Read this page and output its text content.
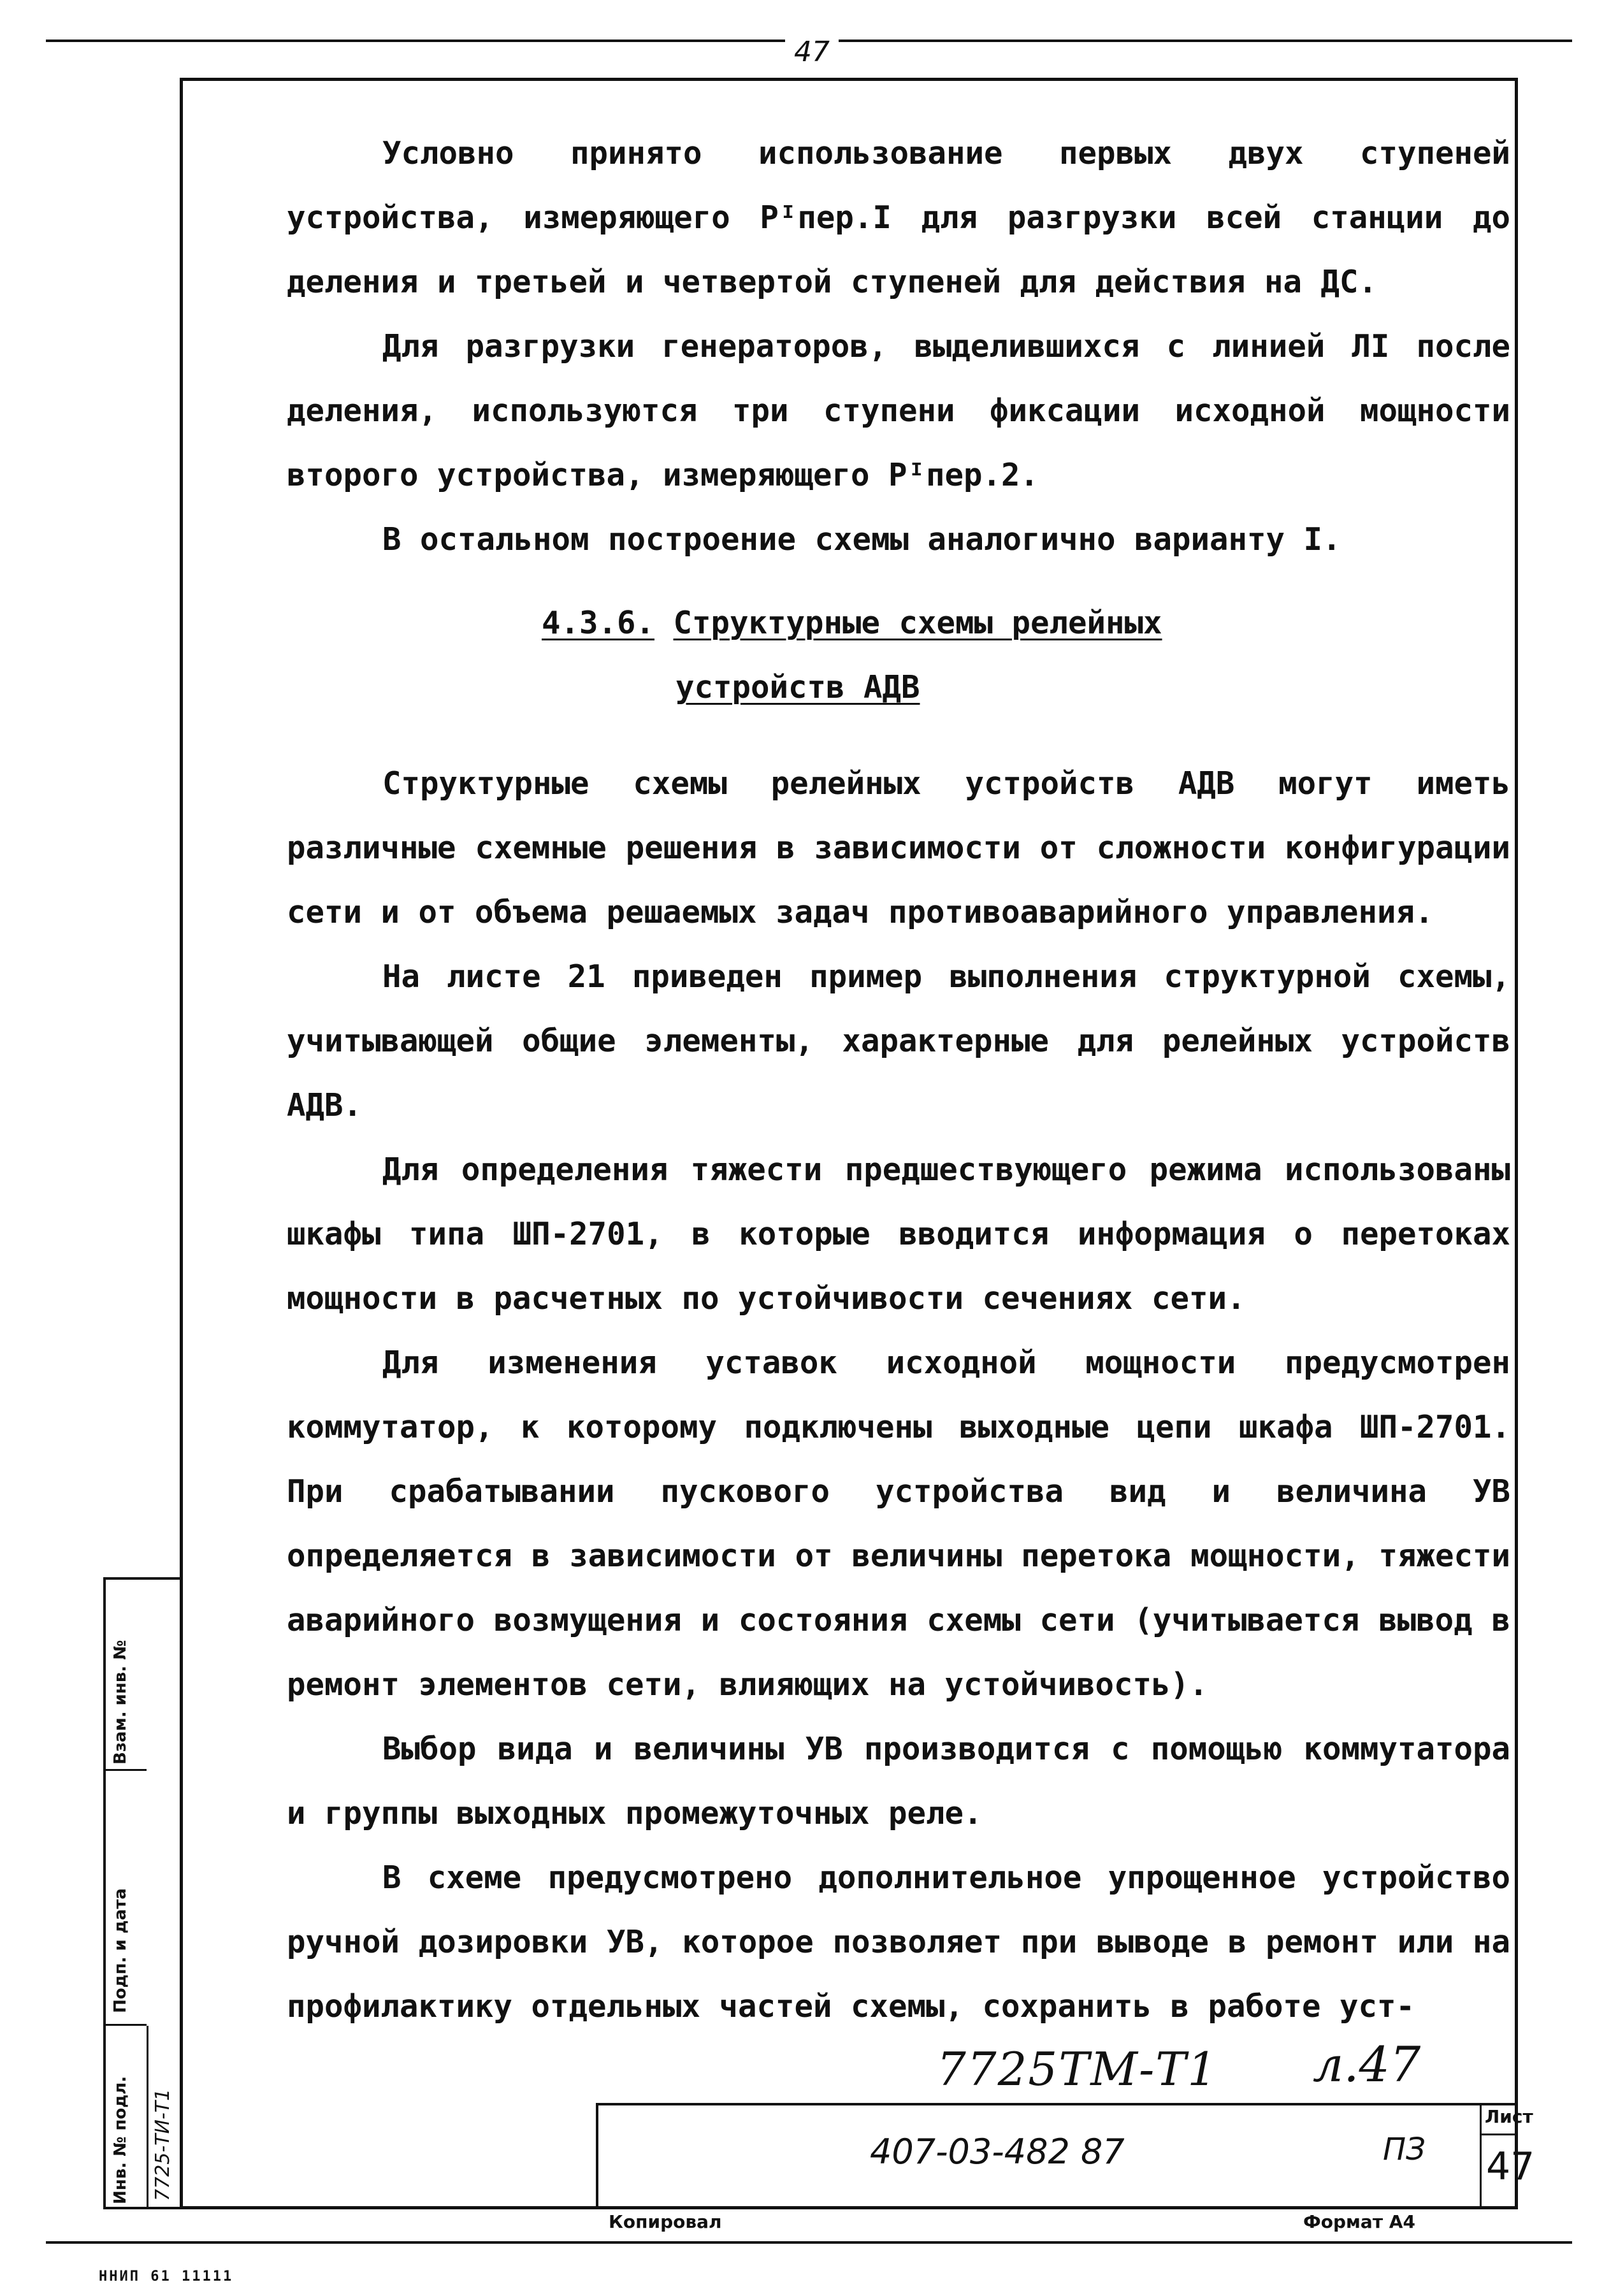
47

Условно принято использование первых двух ступеней устройства, измеряющего Pᴵпер.I для разгрузки всей станции до деления и третьей и четвертой ступеней для действия на ДС.

Для разгрузки генераторов, выделившихся с линией ЛI после деления, используются три ступени фиксации исходной мощности второго устройства, измеряющего Pᴵпер.2.

В остальном построение схемы аналогично варианту I.

4.3.6. Структурные схемы релейных

устройств АДВ

Структурные схемы релейных устройств АДВ могут иметь различные схемные решения в зависимости от сложности конфигурации сети и от объема решаемых задач противоаварийного управления.

На листе 21 приведен пример выполнения структурной схемы, учитывающей общие элементы, характерные для релейных устройств АДВ.

Для определения тяжести предшествующего режима использованы шкафы типа ШП-2701, в которые вводится информация о перетоках мощности в расчетных по устойчивости сечениях сети.

Для изменения уставок исходной мощности предусмотрен коммутатор, к которому подключены выходные цепи шкафа ШП-2701. При срабатывании пускового устройства вид и величина УВ определяется в зависимости от величины перетока мощности, тяжести аварийного возмущения и состояния схемы сети (учитывается вывод в ремонт элементов сети, влияющих на устойчивость).

Выбор вида и величины УВ производится с помощью коммутатора и группы выходных промежуточных реле.

В схеме предусмотрено дополнительное упрощенное устройство ручной дозировки УВ, которое позволяет при выводе в ремонт или на профилактику отдельных частей схемы, сохранить в работе уст-

Взам. инв. №
Подп. и дата
Инв. № подл. 7725-ТИ-Т1
7725ТМ-Т1 л.47
407-03-482 87	ПЗ
Лист
47
Копировал	Формат А4
ННИП 61 11111
